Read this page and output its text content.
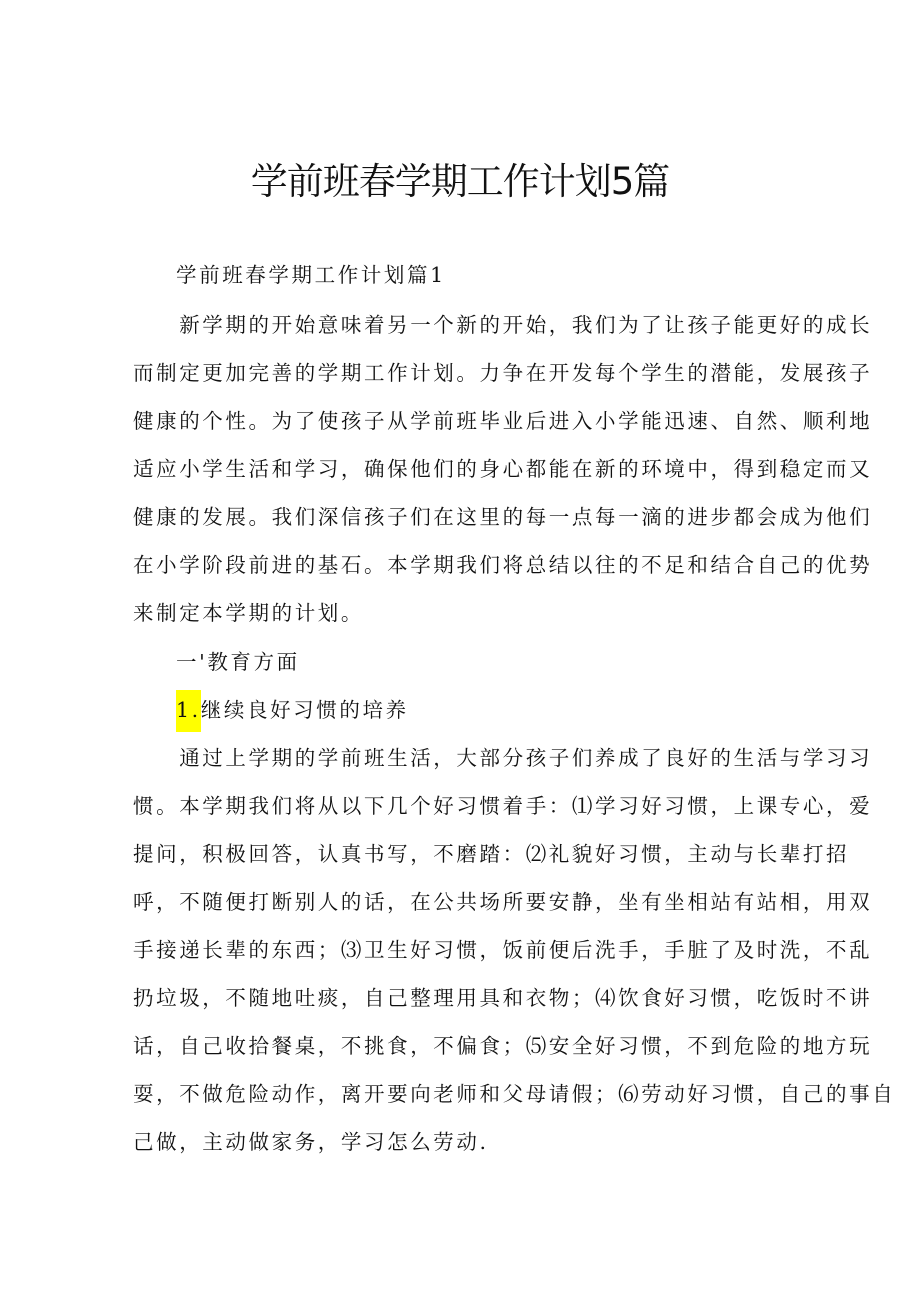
学前班春学期工作计划5篇
学前班春学期工作计划篇1
　　新学期的开始意味着另一个新的开始，我们为了让孩子能更好的成长
而制定更加完善的学期工作计划。力争在开发每个学生的潜能，发展孩子
健康的个性。为了使孩子从学前班毕业后进入小学能迅速、自然、顺利地
适应小学生活和学习，确保他们的身心都能在新的环境中，得到稳定而又
健康的发展。我们深信孩子们在这里的每一点每一滴的进步都会成为他们
在小学阶段前进的基石。本学期我们将总结以往的不足和结合自己的优势
来制定本学期的计划。
一'教育方面
1.继续良好习惯的培养
　　通过上学期的学前班生活，大部分孩子们养成了良好的生活与学习习
惯。本学期我们将从以下几个好习惯着手：⑴学习好习惯，上课专心，爱
提问，积极回答，认真书写，不磨踏：⑵礼貌好习惯，主动与长辈打招
呼，不随便打断别人的话，在公共场所要安静，坐有坐相站有站相，用双
手接递长辈的东西；⑶卫生好习惯，饭前便后洗手，手脏了及时洗，不乱
扔垃圾，不随地吐痰，自己整理用具和衣物；⑷饮食好习惯，吃饭时不讲
话，自己收拾餐桌，不挑食，不偏食；⑸安全好习惯，不到危险的地方玩
耍，不做危险动作，离开要向老师和父母请假；⑹劳动好习惯，自己的事自
己做，主动做家务，学习怎么劳动.
